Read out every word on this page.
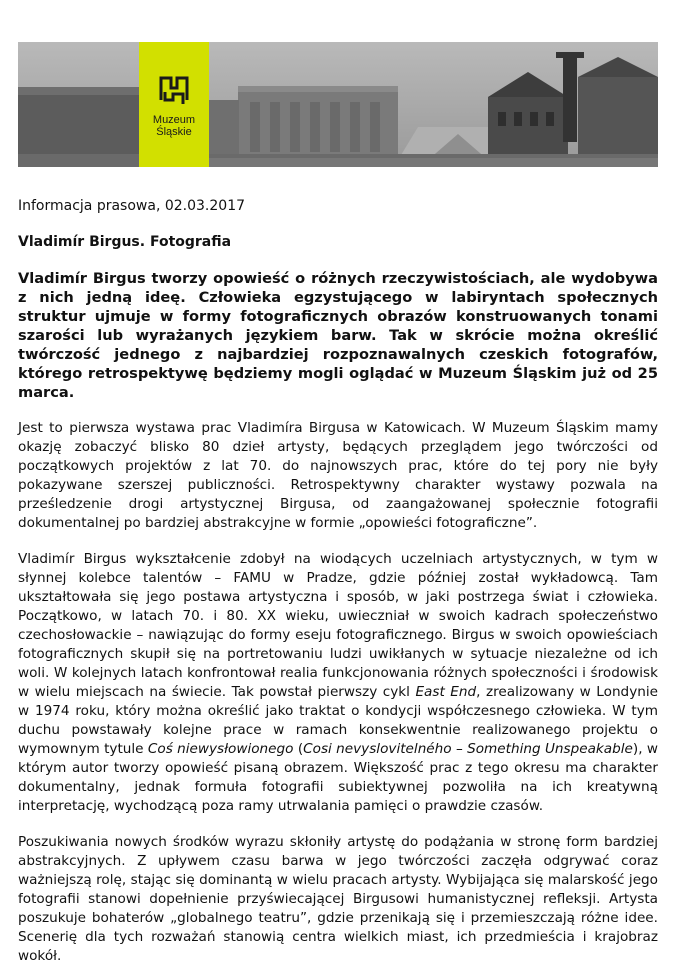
Muzeum
Śląskie

Informacja prasowa, 02.03.2017

Vladimír Birgus. Fotografia

Vladimír Birgus tworzy opowieść o różnych rzeczywistościach, ale wydobywa z nich jedną ideę. Człowieka egzystującego w labiryntach społecznych struktur ujmuje w formy fotograficznych obrazów konstruowanych tonami szarości lub wyrażanych językiem barw. Tak w skrócie można określić twórczość jednego z najbardziej rozpoznawalnych czeskich fotografów, którego retrospektywę będziemy mogli oglądać w Muzeum Śląskim już od 25 marca.

Jest to pierwsza wystawa prac Vladimíra Birgusa w Katowicach. W Muzeum Śląskim mamy okazję zobaczyć blisko 80 dzieł artysty, będących przeglądem jego twórczości od początkowych projektów z lat 70. do najnowszych prac, które do tej pory nie były pokazywane szerszej publiczności. Retrospektywny charakter wystawy pozwala na prześledzenie drogi artystycznej Birgusa, od zaangażowanej społecznie fotografii dokumentalnej po bardziej abstrakcyjne w formie „opowieści fotograficzne”.

Vladimír Birgus wykształcenie zdobył na wiodących uczelniach artystycznych, w tym w słynnej kolebce talentów – FAMU w Pradze, gdzie później został wykładowcą. Tam ukształtowała się jego postawa artystyczna i sposób, w jaki postrzega świat i człowieka. Początkowo, w latach 70. i 80. XX wieku, uwieczniał w swoich kadrach społeczeństwo czechosłowackie – nawiązując do formy eseju fotograficznego. Birgus w swoich opowieściach fotograficznych skupił się na portretowaniu ludzi uwikłanych w sytuacje niezależne od ich woli. W kolejnych latach konfrontował realia funkcjonowania różnych społeczności i środowisk w wielu miejscach na świecie. Tak powstał pierwszy cykl East End, zrealizowany w Londynie w 1974 roku, który można określić jako traktat o kondycji współczesnego człowieka. W tym duchu powstawały kolejne prace w ramach konsekwentnie realizowanego projektu o wymownym tytule Coś niewysłowionego (Cosi nevyslovitelného – Something Unspeakable), w którym autor tworzy opowieść pisaną obrazem. Większość prac z tego okresu ma charakter dokumentalny, jednak formuła fotografii subiektywnej pozwoliła na ich kreatywną interpretację, wychodzącą poza ramy utrwalania pamięci o prawdzie czasów.

Poszukiwania nowych środków wyrazu skłoniły artystę do podążania w stronę form bardziej abstrakcyjnych. Z upływem czasu barwa w jego twórczości zaczęła odgrywać coraz ważniejszą rolę, stając się dominantą w wielu pracach artysty. Wybijająca się malarskość jego fotografii stanowi dopełnienie przyświecającej Birgusowi humanistycznej refleksji. Artysta poszukuje bohaterów „globalnego teatru”, gdzie przenikają się i przemieszczają różne idee. Scenerię dla tych rozważań stanowią centra wielkich miast, ich przedmieścia i krajobraz wokół.
